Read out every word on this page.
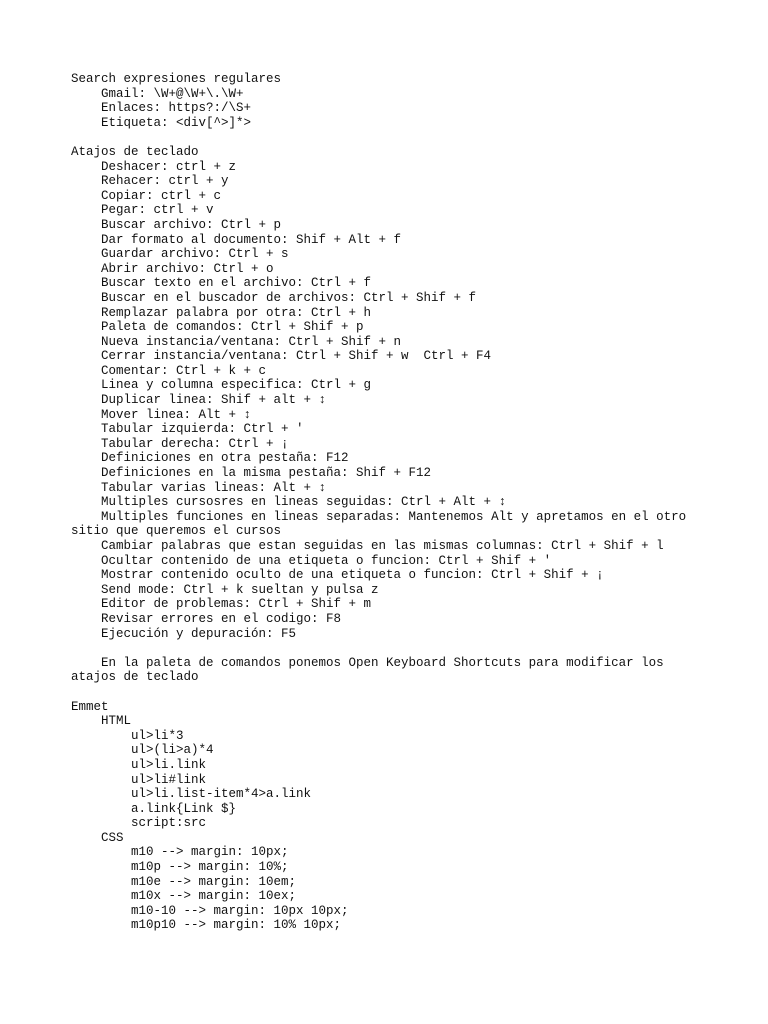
Search expresiones regulares
Gmail: \W+@\W+\.\W+
Enlaces: https?:/\S+
Etiqueta: <div[^>]*>
Atajos de teclado
Deshacer: ctrl + z
Rehacer: ctrl + y
Copiar: ctrl + c
Pegar: ctrl + v
Buscar archivo: Ctrl + p
Dar formato al documento: Shif + Alt + f
Guardar archivo: Ctrl + s
Abrir archivo: Ctrl + o
Buscar texto en el archivo: Ctrl + f
Buscar en el buscador de archivos: Ctrl + Shif + f
Remplazar palabra por otra: Ctrl + h
Paleta de comandos: Ctrl + Shif + p
Nueva instancia/ventana: Ctrl + Shif + n
Cerrar instancia/ventana: Ctrl + Shif + w  Ctrl + F4
Comentar: Ctrl + k + c
Linea y columna especifica: Ctrl + g
Duplicar linea: Shif + alt + ↕
Mover linea: Alt + ↕
Tabular izquierda: Ctrl + '
Tabular derecha: Ctrl + ¡
Definiciones en otra pestaña: F12
Definiciones en la misma pestaña: Shif + F12
Tabular varias lineas: Alt + ↕
Multiples cursosres en lineas seguidas: Ctrl + Alt + ↕
Multiples funciones en lineas separadas: Mantenemos Alt y apretamos en el otro sitio que queremos el cursos
Cambiar palabras que estan seguidas en las mismas columnas: Ctrl + Shif + l
Ocultar contenido de una etiqueta o funcion: Ctrl + Shif + '
Mostrar contenido oculto de una etiqueta o funcion: Ctrl + Shif + ¡
Send mode: Ctrl + k sueltan y pulsa z
Editor de problemas: Ctrl + Shif + m
Revisar errores en el codigo: F8
Ejecución y depuración: F5
En la paleta de comandos ponemos Open Keyboard Shortcuts para modificar los atajos de teclado
Emmet
HTML
ul>li*3
ul>(li>a)*4
ul>li.link
ul>li#link
ul>li.list-item*4>a.link
a.link{Link $}
script:src
CSS
m10 --> margin: 10px;
m10p --> margin: 10%;
m10e --> margin: 10em;
m10x --> margin: 10ex;
m10-10 --> margin: 10px 10px;
m10p10 --> margin: 10% 10px;
